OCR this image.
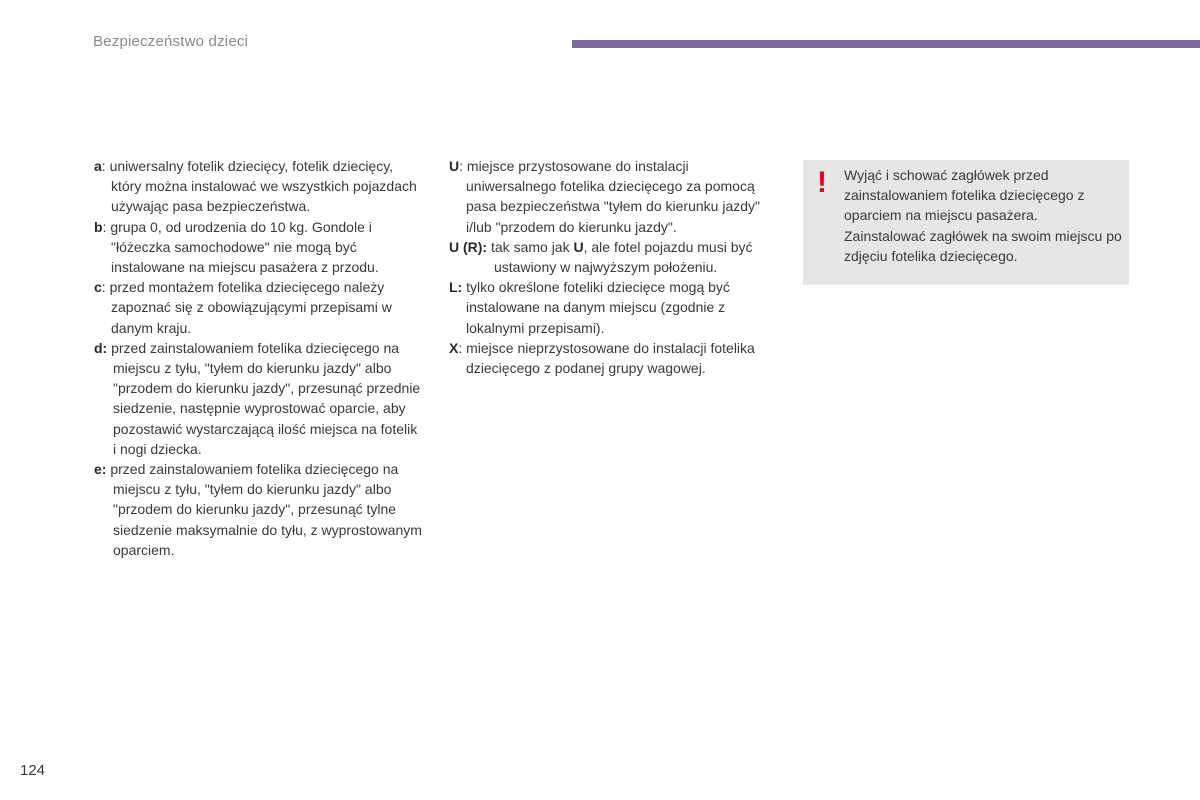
Bezpieczeństwo dzieci
a: uniwersalny fotelik dziecięcy, fotelik dziecięcy, który można instalować we wszystkich pojazdach używając pasa bezpieczeństwa.
b: grupa 0, od urodzenia do 10 kg. Gondole i "łóżeczka samochodowe" nie mogą być instalowane na miejscu pasażera z przodu.
c: przed montażem fotelika dziecięcego należy zapoznać się z obowiązującymi przepisami w danym kraju.
d: przed zainstalowaniem fotelika dziecięcego na miejscu z tyłu, "tyłem do kierunku jazdy" albo "przodem do kierunku jazdy", przesunąć przednie siedzenie, następnie wyprostować oparcie, aby pozostawić wystarczającą ilość miejsca na fotelik i nogi dziecka.
e: przed zainstalowaniem fotelika dziecięcego na miejscu z tyłu, "tyłem do kierunku jazdy" albo "przodem do kierunku jazdy", przesunąć tylne siedzenie maksymalnie do tyłu, z wyprostowanym oparciem.
U: miejsce przystosowane do instalacji uniwersalnego fotelika dziecięcego za pomocą pasa bezpieczeństwa "tyłem do kierunku jazdy" i/lub "przodem do kierunku jazdy".
U (R): tak samo jak U, ale fotel pojazdu musi być ustawiony w najwyższym położeniu.
L: tylko określone foteliki dziecięce mogą być instalowane na danym miejscu (zgodnie z lokalnymi przepisami).
X: miejsce nieprzystosowane do instalacji fotelika dziecięcego z podanej grupy wagowej.
! Wyjąć i schować zagłówek przed zainstalowaniem fotelika dziecięcego z oparciem na miejscu pasażera. Zainstalować zagłówek na swoim miejscu po zdjęciu fotelika dziecięcego.
124
